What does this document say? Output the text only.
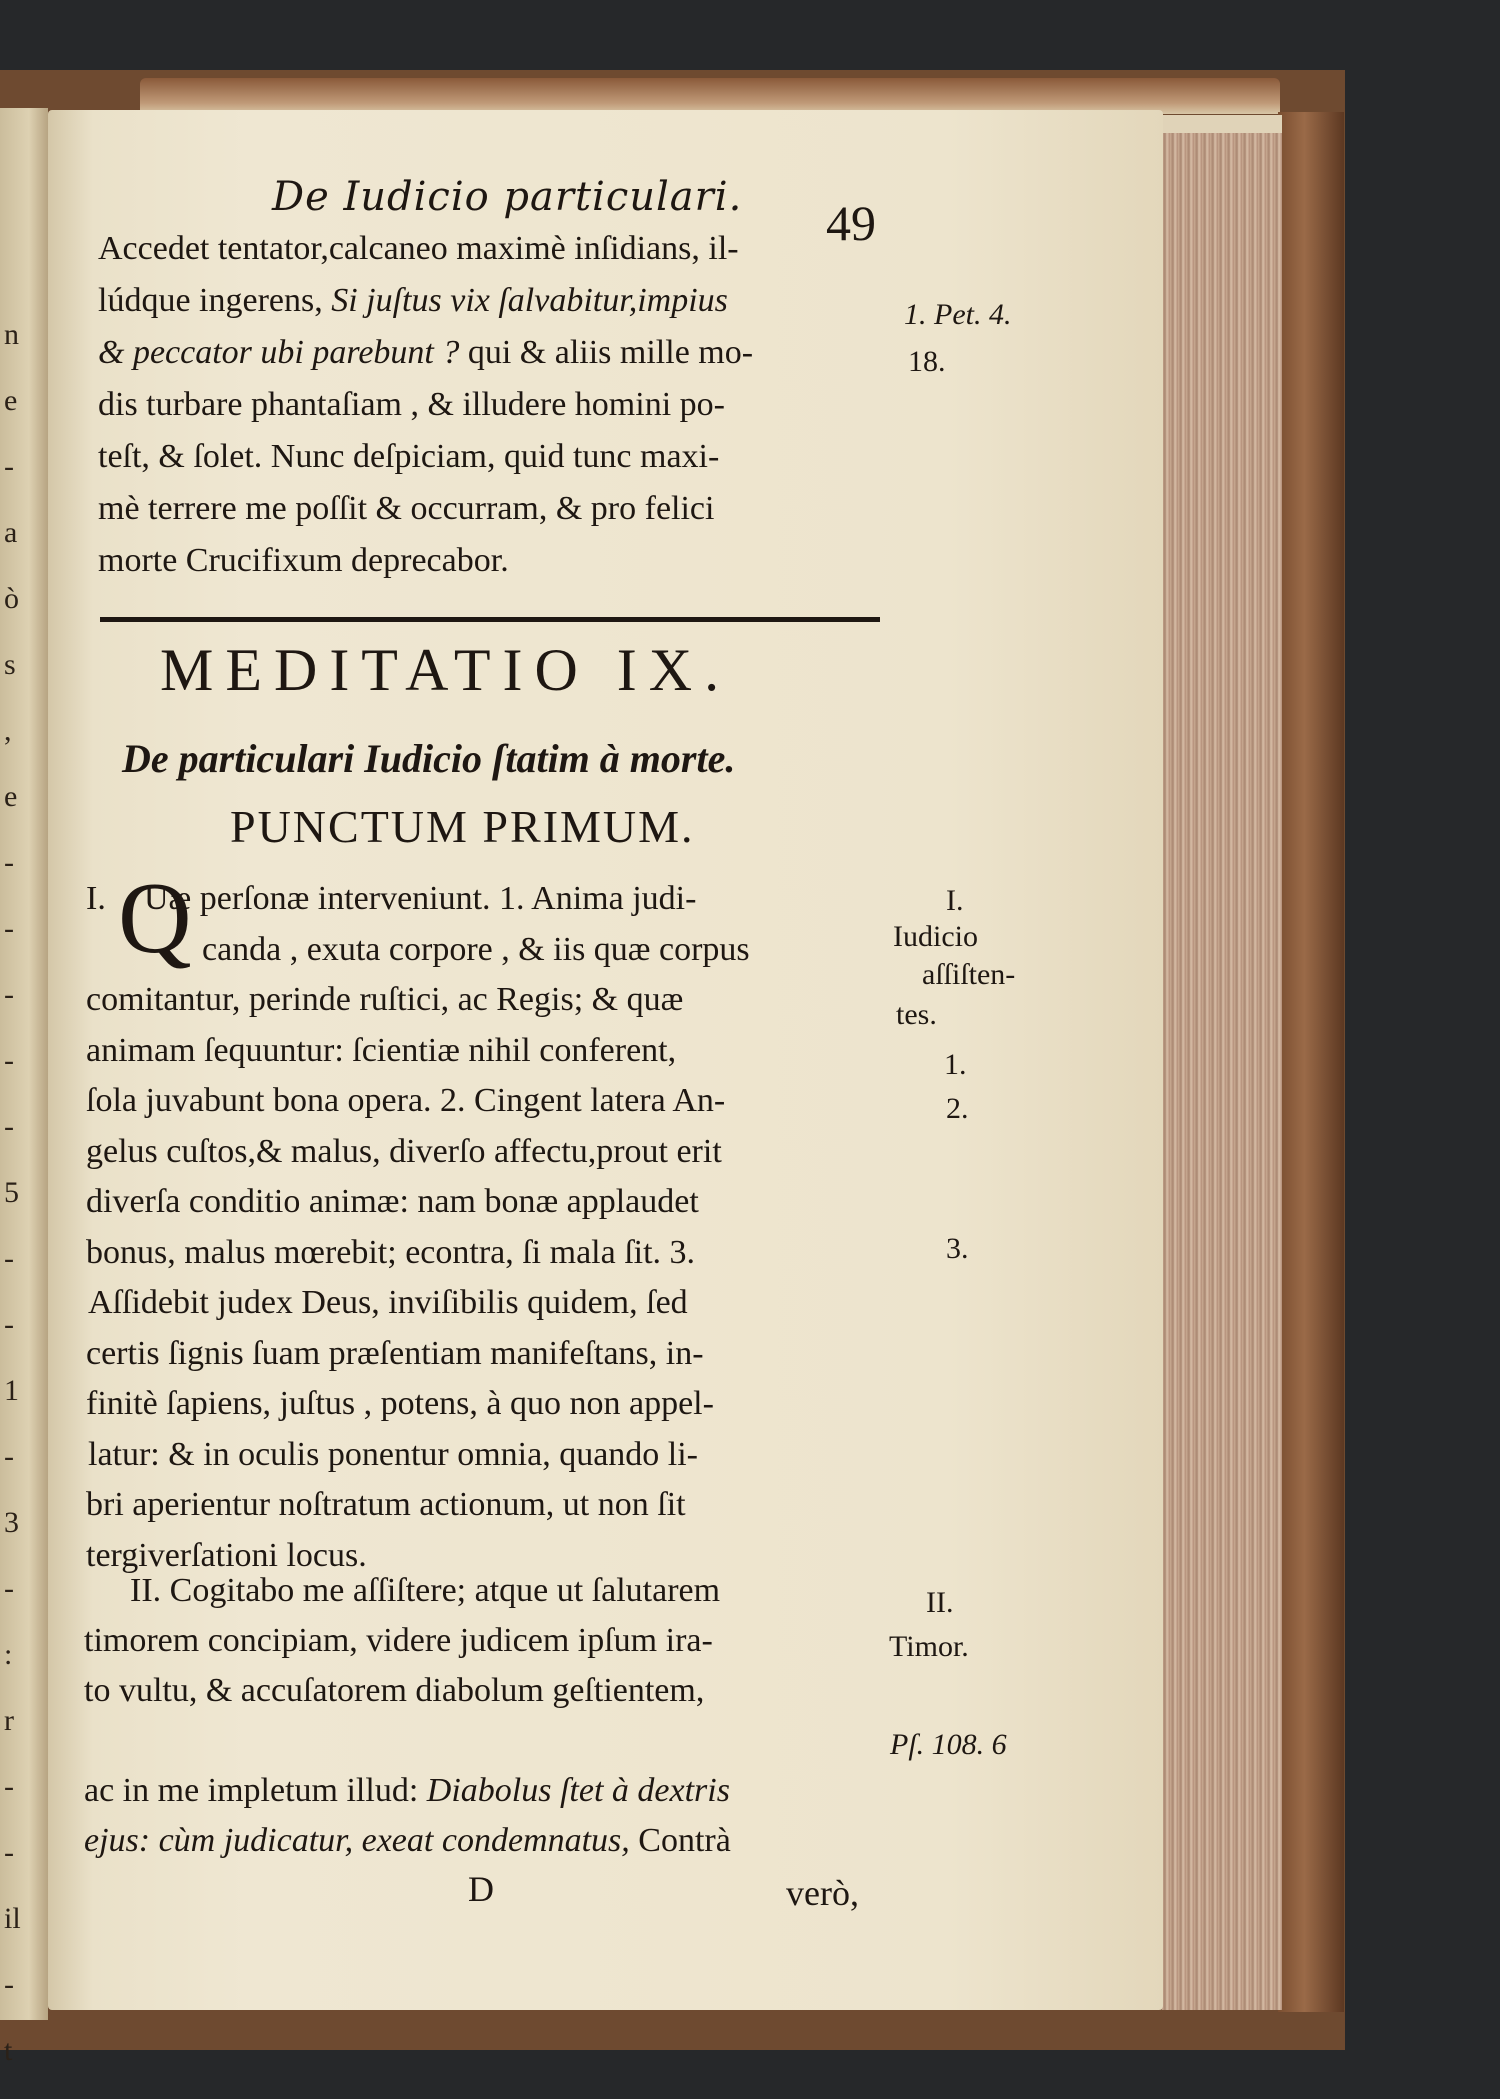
n
e
-
a
ò
s
,
e
-
-
-
-
-
5
-
-
1
-
3
-
:
r
-
-
il
-
t
De Iudicio particulari. 49
Accedet tentator,calcaneo maximè inſidians, il-
lúdque ingerens, Si juſtus vix ſalvabitur,impius
& peccator ubi parebunt ? qui & aliis mille mo-
dis turbare phantaſiam , & illudere homini po-
teſt, & ſolet. Nunc deſpiciam, quid tunc maxi-
mè terrere me poſſit & occurram, & pro felici
morte Crucifixum deprecabor.
MEDITATIO IX.
De particulari Iudicio ſtatim à morte.
PUNCTUM PRIMUM.
I. Q
Uæ perſonæ interveniunt. 1. Anima judi-
canda , exuta corpore , & iis quæ corpus
comitantur, perinde ruſtici, ac Regis; & quæ
animam ſequuntur: ſcientiæ nihil conferent,
ſola juvabunt bona opera. 2. Cingent latera An-
gelus cuſtos,& malus, diverſo affectu,prout erit
diverſa conditio animæ: nam bonæ applaudet
bonus, malus mœrebit; econtra, ſi mala ſit. 3.
Aſſidebit judex Deus, inviſibilis quidem, ſed
certis ſignis ſuam præſentiam manifeſtans, in-
finitè ſapiens, juſtus , potens, à quo non appel-
latur: & in oculis ponentur omnia, quando li-
bri aperientur noſtratum actionum, ut non ſit
tergiverſationi locus.
II. Cogitabo me aſſiſtere; atque ut ſalutarem
timorem concipiam, videre judicem ipſum ira-
to vultu, & accuſatorem diabolum geſtientem,
ac in me impletum illud: Diabolus ſtet à dextris
ejus: cùm judicatur, exeat condemnatus, Contrà
D	verò,
1. Pet. 4.
18.
I.
Iudicio
aſſiſten-
tes.
1.
2.
3.
II.
Timor.
Pſ. 108. 6
